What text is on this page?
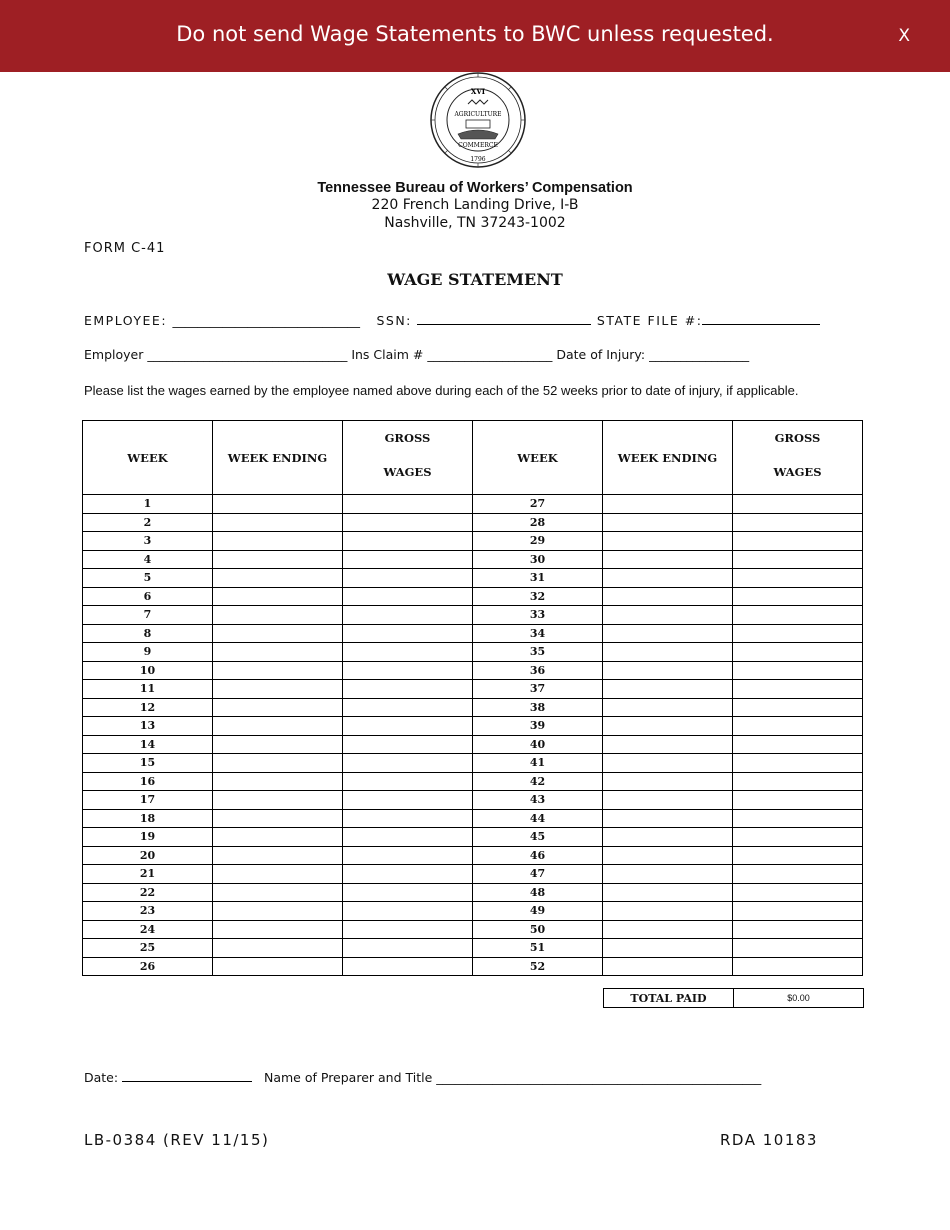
Do not send Wage Statements to BWC unless requested.	X
XVI
AGRICULTURE
COMMERCE
1796
Tennessee Bureau of Workers’ Compensation
220 French Landing Drive, I-B
Nashville, TN 37243-1002
FORM C-41
WAGE STATEMENT
EMPLOYEE: ______________________________ SSN:	STATE FILE #:
Employer ________________________________ Ins Claim # ____________________ Date of Injury: ________________
Please list the wages earned by the employee named above during each of the 52 weeks prior to date of injury, if applicable.
WEEK	WEEK ENDING	GROSS
WAGES	WEEK	WEEK ENDING	GROSS
WAGES

1			27		
2			28		
3			29		
4			30		
5			31		
6			32		
7			33		
8			34		
9			35		
10			36		
11			37		
12			38		
13			39		
14			40		
15			41		
16			42		
17			43		
18			44		
19			45		
20			46		
21			47		
22			48		
23			49		
24			50		
25			51		
26			52		
TOTAL PAID	$0.00
Date:	Name of Preparer and Title ____________________________________________________
LB-0384 (REV 11/15)	RDA 10183
